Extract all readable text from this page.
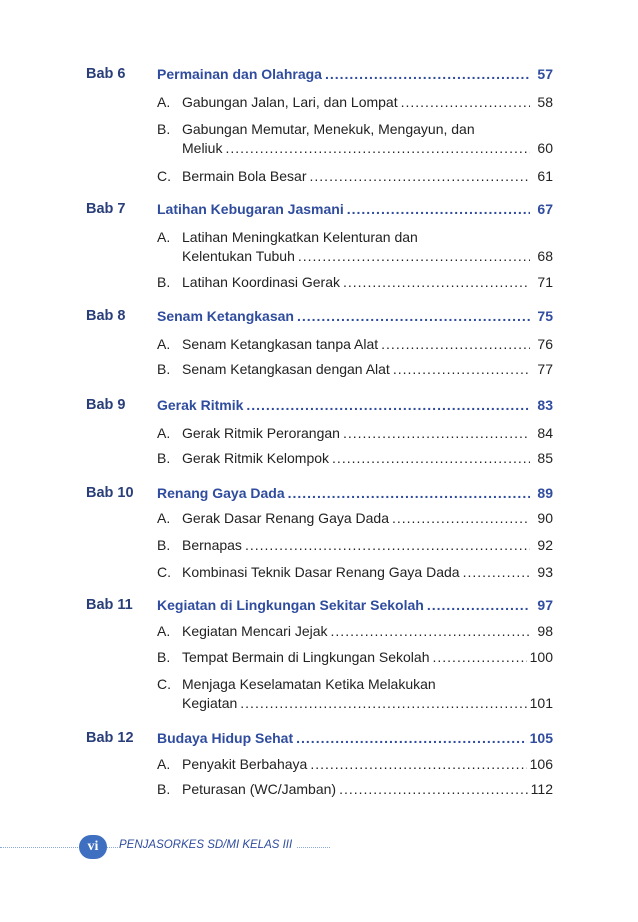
Bab 6 Permainan dan Olahraga .....	57
A. Gabungan Jalan, Lari, dan Lompat .....	58
B. Gabungan Memutar, Menekuk, Mengayun, dan
Meliuk .....	60
C. Bermain Bola Besar .....	61
Bab 7 Latihan Kebugaran Jasmani .....	67
A. Latihan Meningkatkan Kelenturan dan
Kelentukan Tubuh .....	68
B. Latihan Koordinasi Gerak .....	71
Bab 8 Senam Ketangkasan .....	75
A. Senam Ketangkasan tanpa Alat .....	76
B. Senam Ketangkasan dengan Alat .....	77
Bab 9 Gerak Ritmik .....	83
A. Gerak Ritmik Perorangan .....	84
B. Gerak Ritmik Kelompok .....	85
Bab 10 Renang Gaya Dada .....	89
A. Gerak Dasar Renang Gaya Dada .....	90
B. Bernapas .....	92
C. Kombinasi Teknik Dasar Renang Gaya Dada .....	93
Bab 11 Kegiatan di Lingkungan Sekitar Sekolah .....	97
A. Kegiatan Mencari Jejak .....	98
B. Tempat Bermain di Lingkungan Sekolah .....	100
C. Menjaga Keselamatan Ketika Melakukan
Kegiatan .....	101
Bab 12 Budaya Hidup Sehat .....	105
A. Penyakit Berbahaya .....	106
B. Peturasan (WC/Jamban) .....	112
vi	PENJASORKES SD/MI KELAS III
